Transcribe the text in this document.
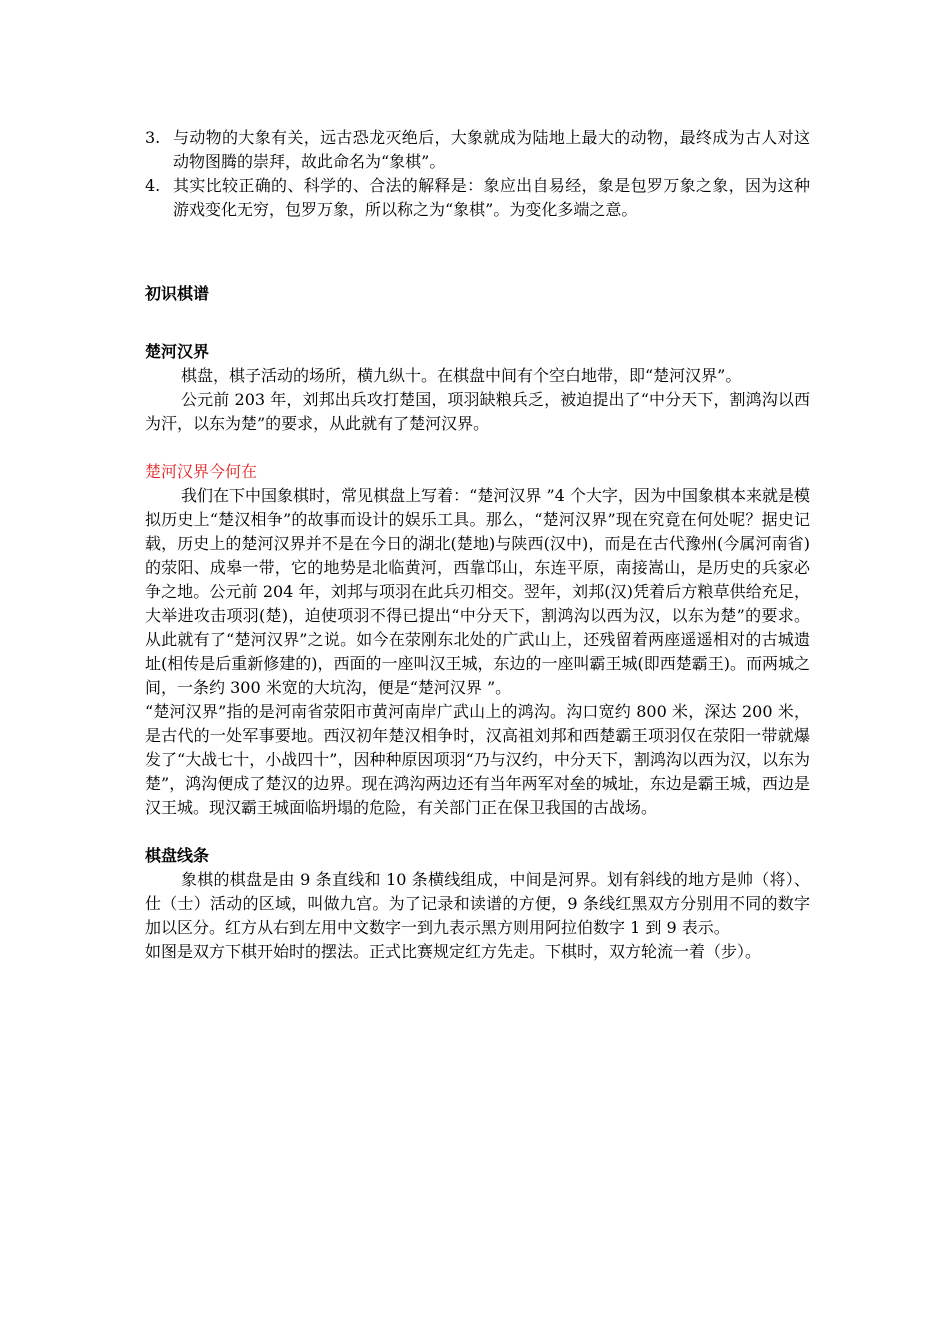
3. 与动物的大象有关，远古恐龙灭绝后，大象就成为陆地上最大的动物，最终成为古人对这动物图腾的崇拜，故此命名为“象棋”。
4. 其实比较正确的、科学的、合法的解释是：象应出自易经，象是包罗万象之象，因为这种游戏变化无穷，包罗万象，所以称之为“象棋”。为变化多端之意。
初识棋谱
楚河汉界
棋盘，棋子活动的场所，横九纵十。在棋盘中间有个空白地带，即“楚河汉界”。
公元前 203 年，刘邦出兵攻打楚国，项羽缺粮兵乏，被迫提出了“中分天下，割鸿沟以西为汗，以东为楚”的要求，从此就有了楚河汉界。
楚河汉界今何在
我们在下中国象棋时，常见棋盘上写着：“楚河汉界 ”4 个大字，因为中国象棋本来就是模拟历史上“楚汉相争”的故事而设计的娱乐工具。那么，“楚河汉界”现在究竟在何处呢？据史记载，历史上的楚河汉界并不是在今日的湖北(楚地)与陕西(汉中)，而是在古代豫州(今属河南省)的荥阳、成皋一带，它的地势是北临黄河，西靠邙山，东连平原，南接嵩山，是历史的兵家必争之地。公元前 204 年，刘邦与项羽在此兵刃相交。翌年，刘邦(汉)凭着后方粮草供给充足，大举进攻击项羽(楚)，迫使项羽不得已提出“中分天下，割鸿沟以西为汉，以东为楚”的要求。从此就有了“楚河汉界”之说。如今在荥刚东北处的广武山上，还残留着两座遥遥相对的古城遗址(相传是后重新修建的)，西面的一座叫汉王城，东边的一座叫霸王城(即西楚霸王)。而两城之间，一条约 300 米宽的大坑沟，便是“楚河汉界 ”。
“楚河汉界”指的是河南省荥阳市黄河南岸广武山上的鸿沟。沟口宽约 800 米，深达 200 米，是古代的一处军事要地。西汉初年楚汉相争时，汉高祖刘邦和西楚霸王项羽仅在荥阳一带就爆发了“大战七十，小战四十”，因种种原因项羽“乃与汉约，中分天下，割鸿沟以西为汉，以东为楚”，鸿沟便成了楚汉的边界。现在鸿沟两边还有当年两军对垒的城址，东边是霸王城，西边是汉王城。现汉霸王城面临坍塌的危险，有关部门正在保卫我国的古战场。
棋盘线条
象棋的棋盘是由 9 条直线和 10 条横线组成，中间是河界。划有斜线的地方是帅（将）、仕（士）活动的区域，叫做九宫。为了记录和读谱的方便，9 条线红黑双方分别用不同的数字加以区分。红方从右到左用中文数字一到九表示黑方则用阿拉伯数字 1 到 9 表示。
如图是双方下棋开始时的摆法。正式比赛规定红方先走。下棋时，双方轮流一着（步）。
